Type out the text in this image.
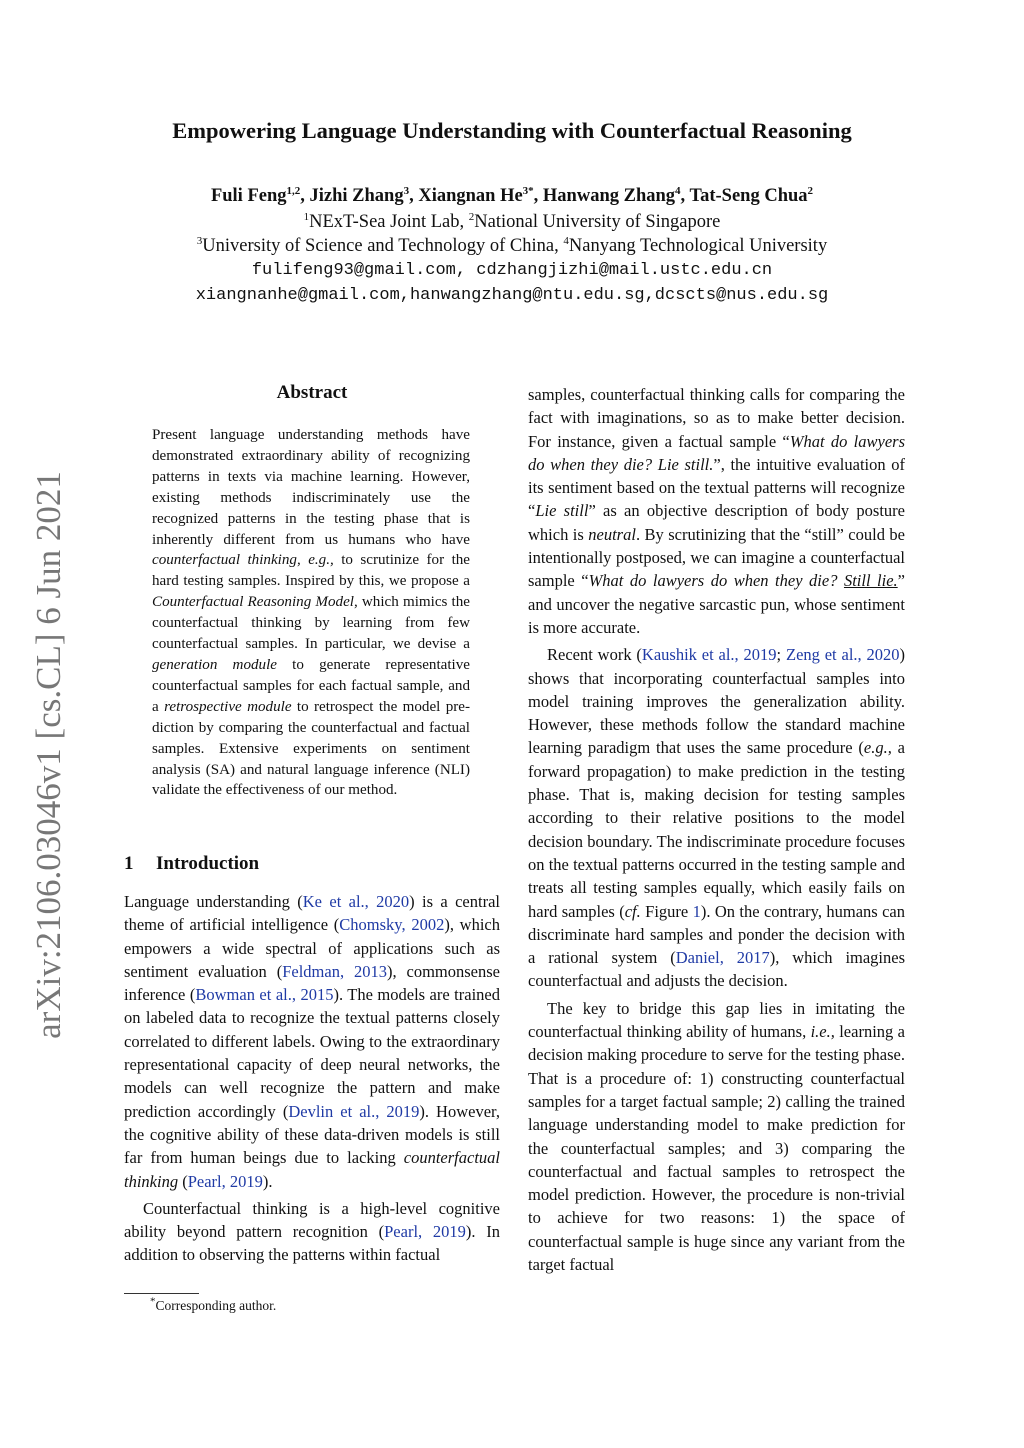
Empowering Language Understanding with Counterfactual Reasoning
Fuli Feng$^{1,2}$, Jizhi Zhang$^3$, Xiangnan $He^{3*}$, Hanwang Zhang$^4$, Tat-Seng Chua$^2$
$^1$NExT-Sea Joint Lab, $^2$National University of Singapore
$^3$University of Science and Technology of China, $^4$Nanyang Technological University
fulifeng93@gmail.com, cdzhangjizhi@mail.ustc.edu.cn
xiangnanhe@gmail.com,hanwangzhang@ntu.edu.sg,dcscts@nus.edu.sg
arXiv:2106.03046v1 [cs.CL] 6 Jun 2021
Abstract
Present language understanding methods have demonstrated extraordinary ability of recognizing patterns in texts via machine learning. However, existing methods indiscriminately use the recognized patterns in the testing phase that is inherently different from us humans who have counterfactual thinking, e.g., to scrutinize for the hard testing samples. Inspired by this, we propose a Counterfactual Reasoning Model, which mimics the counterfactual thinking by learning from few counterfactual samples. In particular, we devise a generation module to generate representative counterfactual samples for each factual sample, and a retrospective module to retrospect the model prediction by comparing the counterfactual and factual samples. Extensive experiments on sentiment analysis (SA) and natural language inference (NLI) validate the effectiveness of our method.
1 Introduction
Language understanding (Ke et al., 2020) is a central theme of artificial intelligence (Chomsky, 2002), which empowers a wide spectral of applications such as sentiment evaluation (Feldman, 2013), commonsense inference (Bowman et al., 2015). The models are trained on labeled data to recognize the textual patterns closely correlated to different labels. Owing to the extraordinary representational capacity of deep neural networks, the models can well recognize the pattern and make prediction accordingly (Devlin et al., 2019). However, the cognitive ability of these data-driven models is still far from human beings due to lacking counterfactual thinking (Pearl, 2019).
Counterfactual thinking is a high-level cognitive ability beyond pattern recognition (Pearl, 2019). In addition to observing the patterns within factual
samples, counterfactual thinking calls for comparing the fact with imaginations, so as to make better decision. For instance, given a factual sample “What do lawyers do when they die? Lie still.”, the intuitive evaluation of its sentiment based on the textual patterns will recognize “Lie still” as an objective description of body posture which is neutral. By scrutinizing that the “still” could be intentionally postposed, we can imagine a counterfactual sample “What do lawyers do when they die? Still lie.” and uncover the negative sarcastic pun, whose sentiment is more accurate.
Recent work (Kaushik et al., 2019; Zeng et al., 2020) shows that incorporating counterfactual samples into model training improves the generalization ability. However, these methods follow the standard machine learning paradigm that uses the same procedure (e.g., a forward propagation) to make prediction in the testing phase. That is, making decision for testing samples according to their relative positions to the model decision boundary. The indiscriminate procedure focuses on the textual patterns occurred in the testing sample and treats all testing samples equally, which easily fails on hard samples (cf. Figure 1). On the contrary, humans can discriminate hard samples and ponder the decision with a rational system (Daniel, 2017), which imagines counterfactual and adjusts the decision.
The key to bridge this gap lies in imitating the counterfactual thinking ability of humans, i.e., learning a decision making procedure to serve for the testing phase. That is a procedure of: 1) constructing counterfactual samples for a target factual sample; 2) calling the trained language understanding model to make prediction for the counterfactual samples; and 3) comparing the counterfactual and factual samples to retrospect the model prediction. However, the procedure is non-trivial to achieve for two reasons: 1) the space of counterfactual sample is huge since any variant from the target factual
*Corresponding author.
